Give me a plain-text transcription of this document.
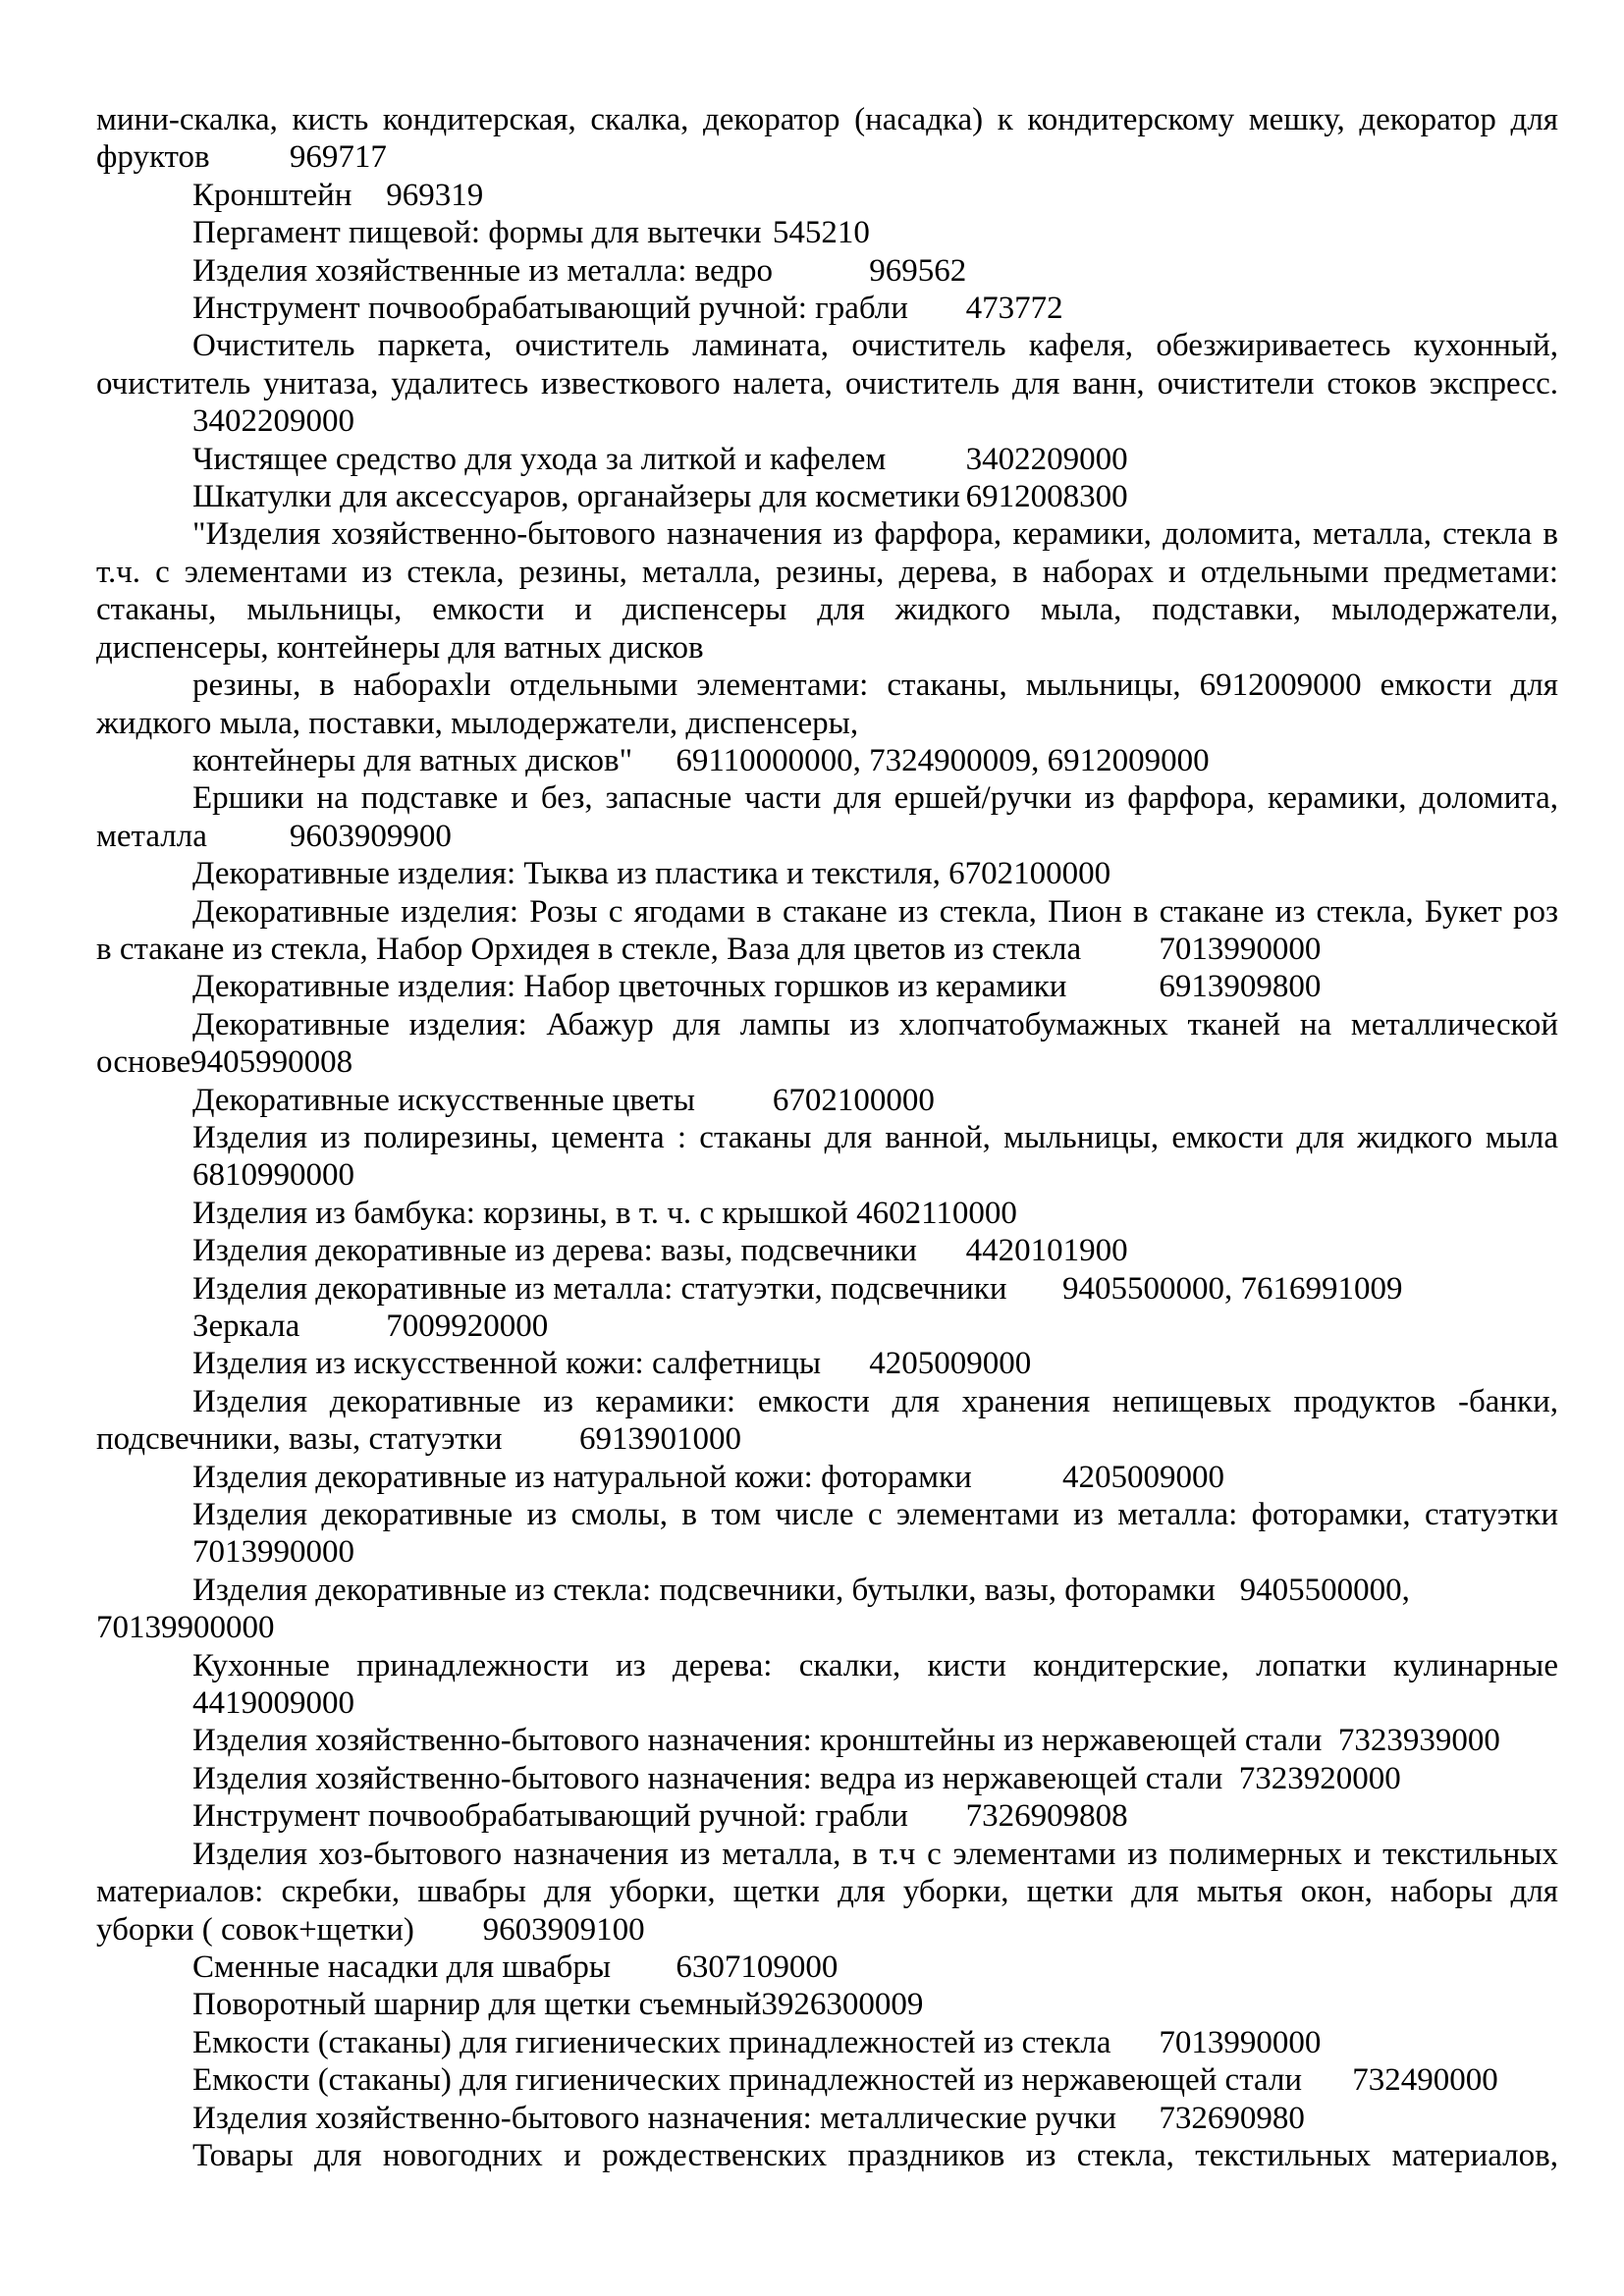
мини-скалка, кисть кондитерская, скалка, декоратор (насадка) к кондитерскому мешку, декоратор для
фруктов	969717
Кронштейн	969319
Пергамент пищевой: формы для вытечки	545210
Изделия хозяйственные из металла: ведро	969562
Инструмент почвообрабатывающий ручной: грабли	473772
Очиститель паркета, очиститель ламината, очиститель кафеля, обезжириваетесь кухонный,
очиститель унитаза, удалитесь известкового налета, очиститель для ванн, очистители стоков экспресс.
3402209000
Чистящее средство для ухода за литкой и кафелем	3402209000
Шкатулки для аксессуаров, органайзеры для косметики	6912008300
"Изделия хозяйственно-бытового назначения из фарфора, керамики, доломита, металла, стекла в
т.ч. с элементами из стекла, резины, металла, резины, дерева, в наборах и отдельными предметами:
стаканы, мыльницы, емкости и диспенсеры для жидкого мыла, подставки, мылодержатели,
диспенсеры, контейнеры для ватных дисков
резины, в наборахlи отдельными элементами: стаканы, мыльницы, 6912009000 емкости для
жидкого мыла, поставки, мылодержатели, диспенсеры,
контейнеры для ватных дисков"	69110000000, 7324900009, 6912009000
Ершики на подставке и без, запасные части для ершей/ручки из фарфора, керамики, доломита,
металла	9603909900
Декоративные изделия: Тыква из пластика и текстиля, 6702100000
Декоративные изделия: Розы с ягодами в стакане из стекла, Пион в стакане из стекла, Букет роз
в стакане из стекла, Набор Орхидея в стекле, Ваза для цветов из стекла	7013990000
Декоративные изделия: Набор цветочных горшков из керамики	6913909800
Декоративные изделия: Абажур для лампы из хлопчатобумажных тканей на металлической
основе9405990008
Декоративные искусственные цветы	6702100000
Изделия из полирезины, цемента : стаканы для ванной, мыльницы, емкости для жидкого мыла
6810990000
Изделия из бамбука: корзины, в т. ч. с крышкой 4602110000
Изделия декоративные из дерева: вазы, подсвечники	4420101900
Изделия декоративные из металла: статуэтки, подсвечники	9405500000, 7616991009
Зеркала	7009920000
Изделия из искусственной кожи: салфетницы	4205009000
Изделия декоративные из керамики: емкости для хранения непищевых продуктов -банки,
подсвечники, вазы, статуэтки	6913901000
Изделия декоративные из натуральной кожи: фоторамки	4205009000
Изделия декоративные из смолы, в том числе с элементами из металла: фоторамки, статуэтки
7013990000
Изделия декоративные из стекла: подсвечники, бутылки, вазы, фоторамки   9405500000,
70139900000
Кухонные принадлежности из дерева: скалки, кисти кондитерские, лопатки кулинарные
4419009000
Изделия хозяйственно-бытового назначения: кронштейны из нержавеющей стали  7323939000
Изделия хозяйственно-бытового назначения: ведра из нержавеющей стали  7323920000
Инструмент почвообрабатывающий ручной: грабли	7326909808
Изделия хоз-бытового назначения из металла, в т.ч с элементами из полимерных и текстильных
материалов: скребки, швабры для уборки, щетки для уборки, щетки для мытья окон, наборы для
уборки ( совок+щетки)	9603909100
Сменные насадки для швабры	6307109000
Поворотный шарнир для щетки съемный3926300009
Емкости (стаканы) для гигиенических принадлежностей из стекла	7013990000
Емкости (стаканы) для гигиенических принадлежностей из нержавеющей стали	732490000
Изделия хозяйственно-бытового назначения: металлические ручки	732690980
Товары для новогодних и рождественских праздников из стекла, текстильных материалов,
